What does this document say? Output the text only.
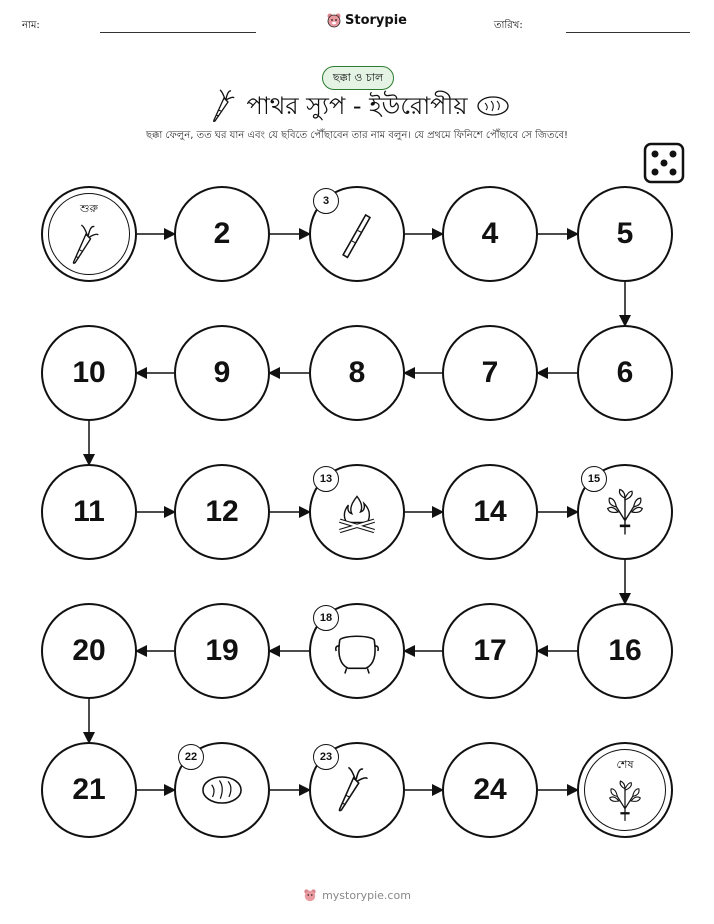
নাম:	Storypie	তারিখ:
ছক্কা ও চাল
পাথর স্যুপ - ইউরোপীয়
ছক্কা ফেলুন, তত ঘর যান এবং যে ছবিতে পৌঁছাবেন তার নাম বলুন। যে প্রথমে ফিনিশে পৌঁছাবে সে জিতবে!
শুরু
2
3
4	5
6
7
8
9
10
11	12
13
14
15
16
17
18
19
20
21
22	23
24
শেষ
mystorypie.com
